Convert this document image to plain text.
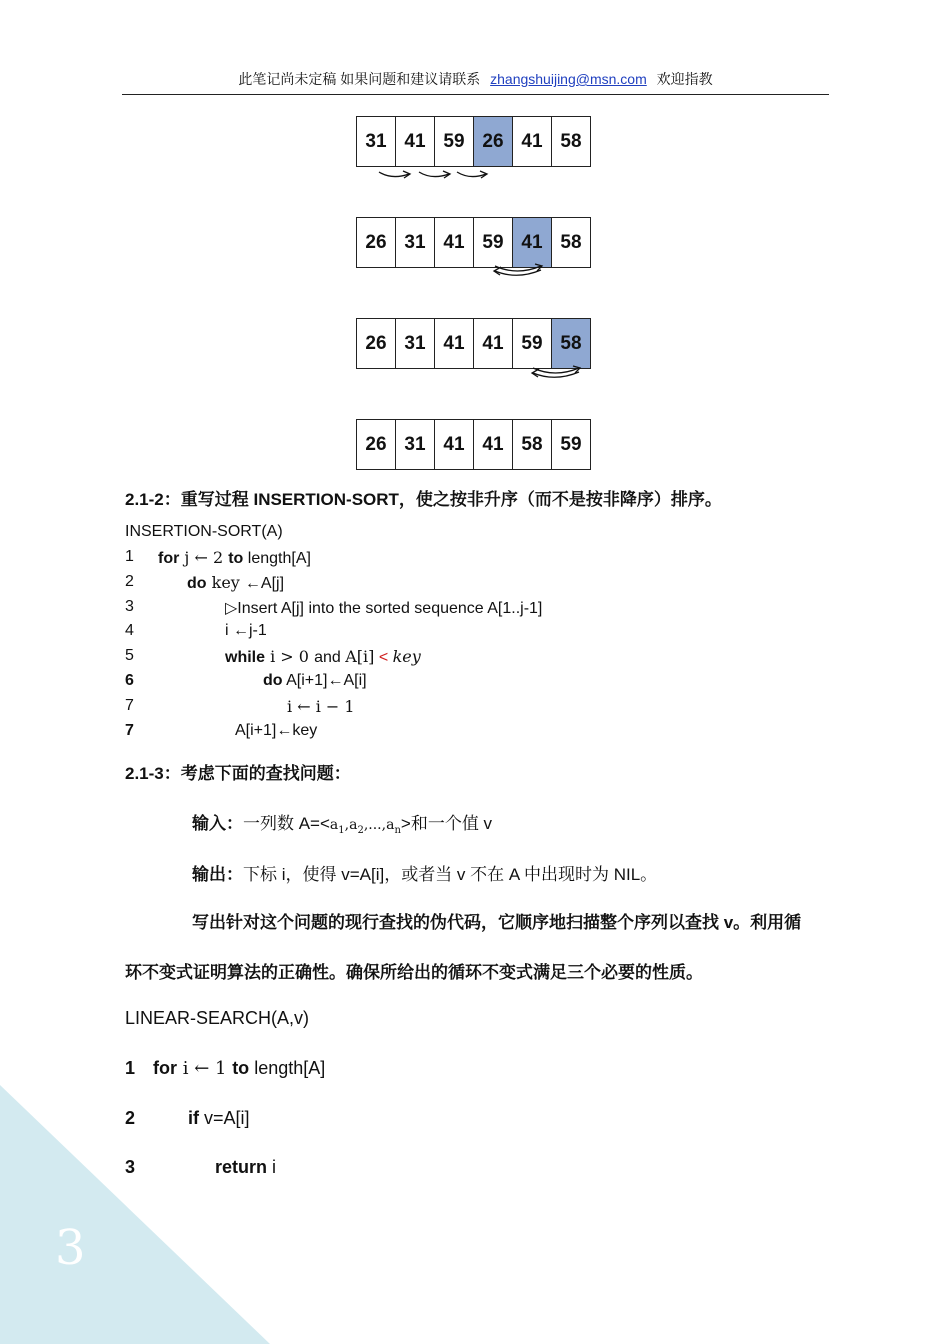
3
此笔记尚未定稿 如果问题和建议请联系 zhangshuijing@msn.com 欢迎指教
31 41 59 26 41 58
26 31 41 59 41 58
26 31 41 41 59 58
26 31 41 41 58 59
2.1-2：重写过程 INSERTION-SORT，使之按非升序（而不是按非降序）排序。
INSERTION-SORT(A)
1 for j ← 2 to length[A]
2	do key ←A[j]
3	▷Insert A[j] into the sorted sequence A[1..j-1]
4	i ←j-1
5	while i > 0 and A[i] < key
6	do A[i+1]←A[i]
7	i ← i − 1
7	A[i+1]←key
2.1-3：考虑下面的查找问题：
输入：一列数 $A=<a_1,a_2,...,a_n>$和一个值 v
输出：下标 i，使得 v=A[i]，或者当 v 不在 A 中出现时为 NIL。
写出针对这个问题的现行查找的伪代码，它顺序地扫描整个序列以查找 v。利用循
环不变式证明算法的正确性。确保所给出的循环不变式满足三个必要的性质。
LINEAR-SEARCH(A,v)
1 for i ← 1 to length[A]
2	if v=A[i]
3	return i
